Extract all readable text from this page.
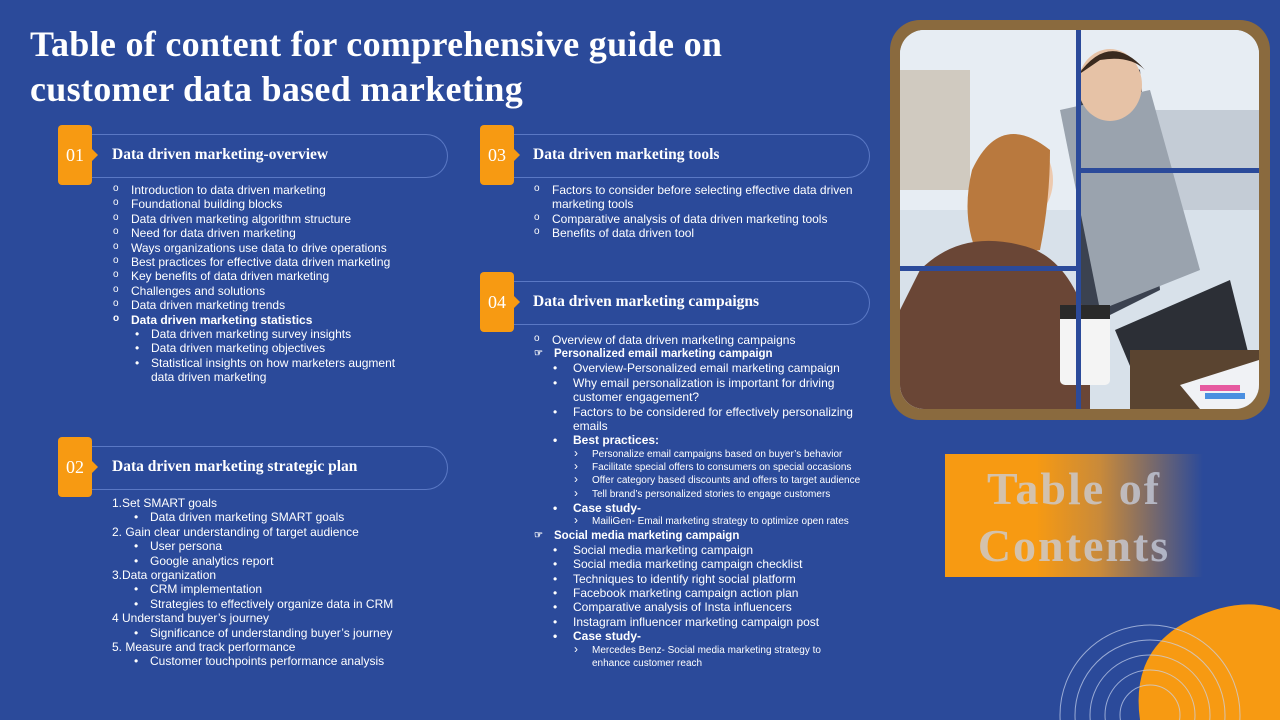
Table of content for comprehensive guide on customer data based marketing
01	Data driven marketing-overview
o Introduction to data driven marketing
o Foundational building blocks
o Data driven marketing algorithm structure
o Need for data driven marketing
o Ways organizations use data to drive operations
o Best practices for effective data driven marketing
o Key benefits of data driven marketing
o Challenges and solutions
o Data driven marketing trends
o Data driven marketing statistics
• Data driven marketing survey insights
• Data driven marketing objectives
• Statistical insights on how marketers augment data driven marketing
02	Data driven marketing strategic plan
1.Set SMART goals
• Data driven marketing SMART goals
2. Gain clear understanding of target audience
• User persona
• Google analytics report
3.Data organization
• CRM implementation
• Strategies to effectively organize data in CRM
4 Understand buyer’s journey
• Significance of understanding buyer’s journey
5. Measure and track performance
• Customer touchpoints performance analysis
03	Data driven marketing tools
o Factors to consider before selecting effective data driven marketing tools
o Comparative analysis of data driven marketing tools
o Benefits of data driven tool
04	Data driven marketing campaigns
o Overview of data driven marketing campaigns
☞ Personalized email marketing campaign
• Overview-Personalized email marketing campaign
• Why email personalization is important for driving customer engagement?
• Factors to be considered for effectively personalizing emails
• Best practices:
› Personalize email campaigns based on buyer’s behavior
› Facilitate special offers to consumers on special occasions
› Offer category based discounts and offers to target audience
› Tell brand’s personalized stories to engage customers
• Case study-
› MailiGen- Email marketing strategy to optimize open rates
☞ Social media marketing campaign
• Social media marketing campaign
• Social media marketing campaign checklist
• Techniques to identify right social platform
• Facebook marketing campaign action plan
• Comparative analysis of Insta influencers
• Instagram influencer marketing campaign post
• Case study-
› Mercedes Benz- Social media marketing strategy to enhance customer reach
Table of
Contents
